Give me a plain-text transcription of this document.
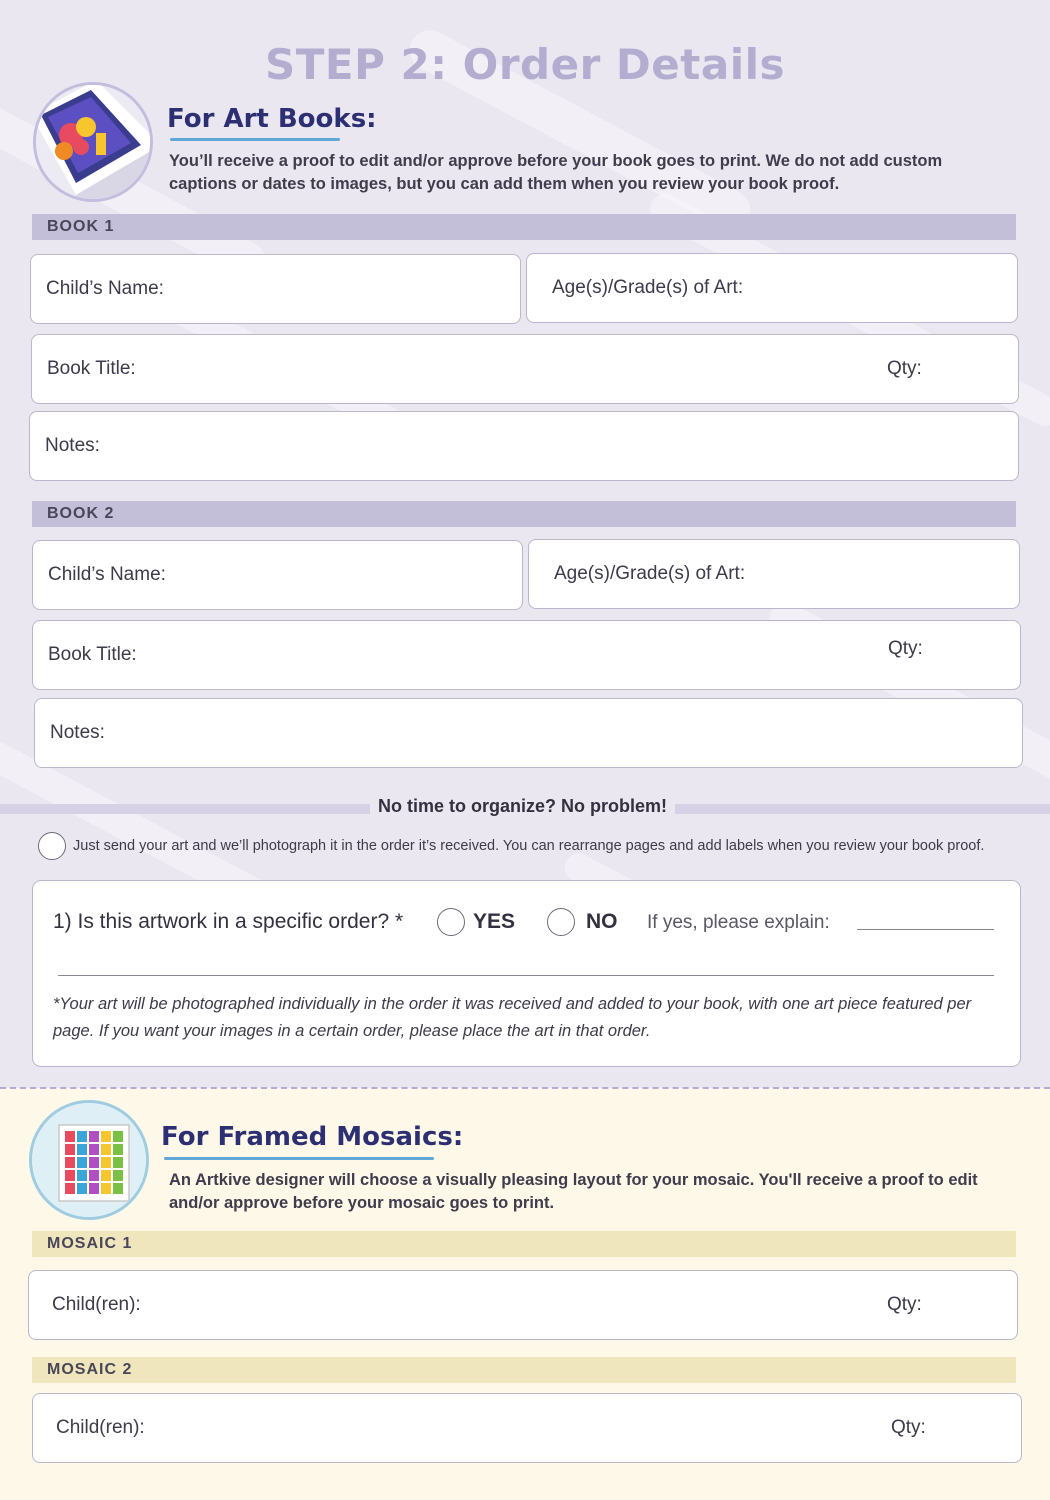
STEP 2: Order Details
For Art Books:
You’ll receive a proof to edit and/or approve before your book goes to print. We do not add custom captions or dates to images, but you can add them when you review your book proof.
BOOK 1
Child’s Name:	Age(s)/Grade(s) of Art:
Book Title:	Qty:
Notes:
BOOK 2
Child’s Name:	Age(s)/Grade(s) of Art:
Book Title:	Qty:
Notes:
No time to organize? No problem!
Just send your art and we’ll photograph it in the order it’s received. You can rearrange pages and add labels when you review your book proof.
1) Is this artwork in a specific order? *	YES	NO If yes, please explain:
*Your art will be photographed individually in the order it was received and added to your book, with one art piece featured per page. If you want your images in a certain order, please place the art in that order.
For Framed Mosaics:
An Artkive designer will choose a visually pleasing layout for your mosaic. You'll receive a proof to edit and/or approve before your mosaic goes to print.
MOSAIC 1
Child(ren):	Qty:
MOSAIC 2
Child(ren):	Qty:
